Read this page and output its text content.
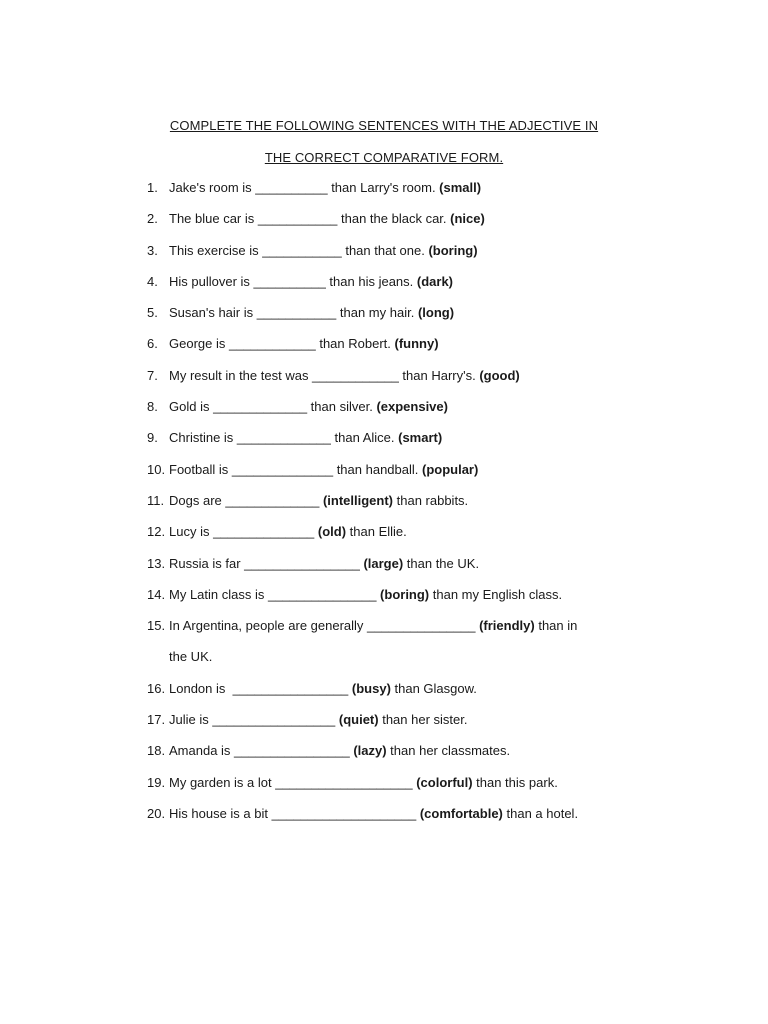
COMPLETE THE FOLLOWING SENTENCES WITH THE ADJECTIVE IN
THE CORRECT COMPARATIVE FORM.
1. Jake's room is __________ than Larry's room. (small)
2. The blue car is ___________ than the black car. (nice)
3. This exercise is ___________ than that one. (boring)
4. His pullover is __________ than his jeans. (dark)
5. Susan's hair is ___________ than my hair. (long)
6. George is ____________ than Robert. (funny)
7. My result in the test was ____________ than Harry's. (good)
8. Gold is _____________ than silver. (expensive)
9. Christine is _____________ than Alice. (smart)
10. Football is ______________ than handball. (popular)
11. Dogs are _____________ (intelligent) than rabbits.
12. Lucy is ______________ (old) than Ellie.
13. Russia is far ________________ (large) than the UK.
14. My Latin class is _______________ (boring) than my English class.
15. In Argentina, people are generally _______________ (friendly) than in
the UK.
16. London is  ________________ (busy) than Glasgow.
17. Julie is _________________ (quiet) than her sister.
18. Amanda is ________________ (lazy) than her classmates.
19. My garden is a lot ___________________ (colorful) than this park.
20. His house is a bit ____________________ (comfortable) than a hotel.
